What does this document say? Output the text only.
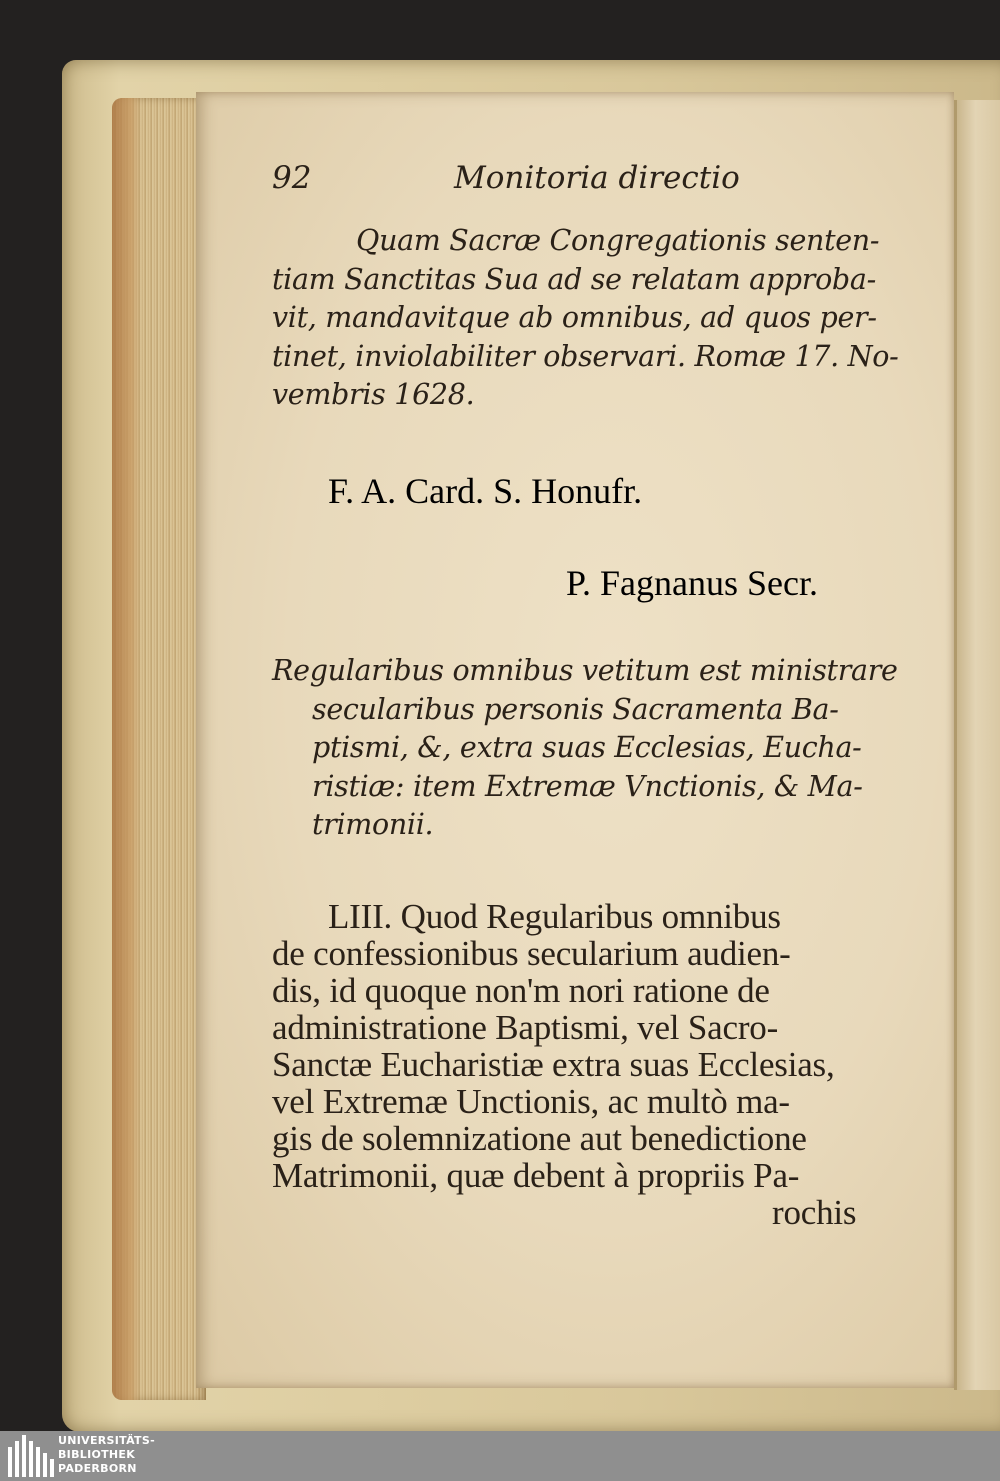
92	Monitoria directio
Quam Sacræ Congregationis senten-
tiam Sanctitas Sua ad se relatam approba-
vit, mandavitque ab omnibus, ad quos per-
tinet, inviolabiliter observari. Romæ 17. No-
vembris 1628.
F. A. Card. S. Honufr.
P. Fagnanus Secr.
Regularibus omnibus vetitum est ministrare
secularibus personis Sacramenta Ba-
ptismi, &, extra suas Ecclesias, Eucha-
ristiæ: item Extremæ Vnctionis, & Ma-
trimonii.
LIII. Quod Regularibus omnibus
de confessionibus secularium audien-
dis, id quoque non'm nori ratione de
administratione Baptismi, vel Sacro-
Sanctæ Eucharistiæ extra suas Ecclesias,
vel Extremæ Unctionis, ac multò ma-
gis de solemnizatione aut benedictione
Matrimonii, quæ debent à propriis Pa-
rochis
UNIVERSITÄTS-
BIBLIOTHEK
PADERBORN
